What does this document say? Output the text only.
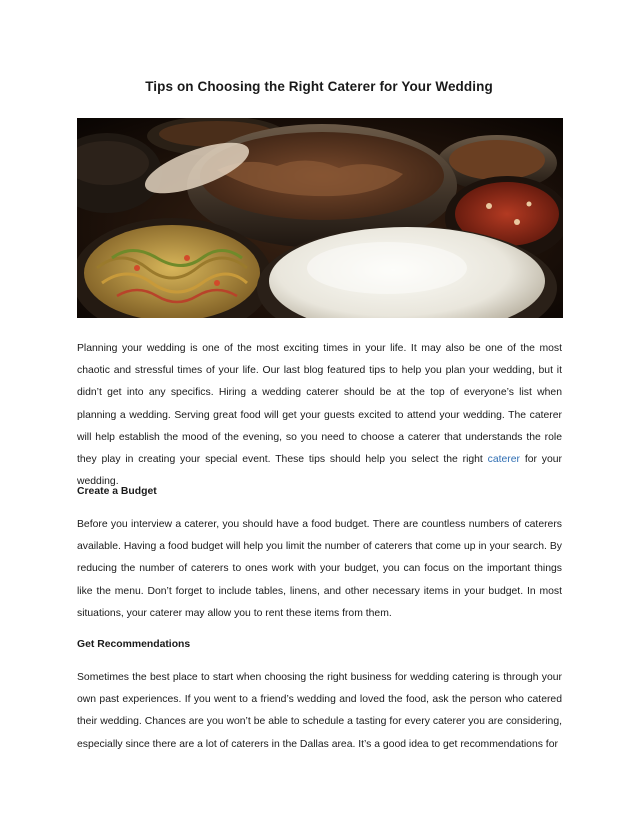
Tips on Choosing the Right Caterer for Your Wedding

Planning your wedding is one of the most exciting times in your life. It may also be one of the most chaotic and stressful times of your life. Our last blog featured tips to help you plan your wedding, but it didn’t get into any specifics. Hiring a wedding caterer should be at the top of everyone’s list when planning a wedding. Serving great food will get your guests excited to attend your wedding. The caterer will help establish the mood of the evening, so you need to choose a caterer that understands the role they play in creating your special event. These tips should help you select the right caterer for your wedding.

Create a Budget

Before you interview a caterer, you should have a food budget. There are countless numbers of caterers available. Having a food budget will help you limit the number of caterers that come up in your search. By reducing the number of caterers to ones work with your budget, you can focus on the important things like the menu. Don’t forget to include tables, linens, and other necessary items in your budget. In most situations, your caterer may allow you to rent these items from them.

Get Recommendations

Sometimes the best place to start when choosing the right business for wedding catering is through your own past experiences. If you went to a friend’s wedding and loved the food, ask the person who catered their wedding. Chances are you won’t be able to schedule a tasting for every caterer you are considering, especially since there are a lot of caterers in the Dallas area. It’s a good idea to get recommendations for
